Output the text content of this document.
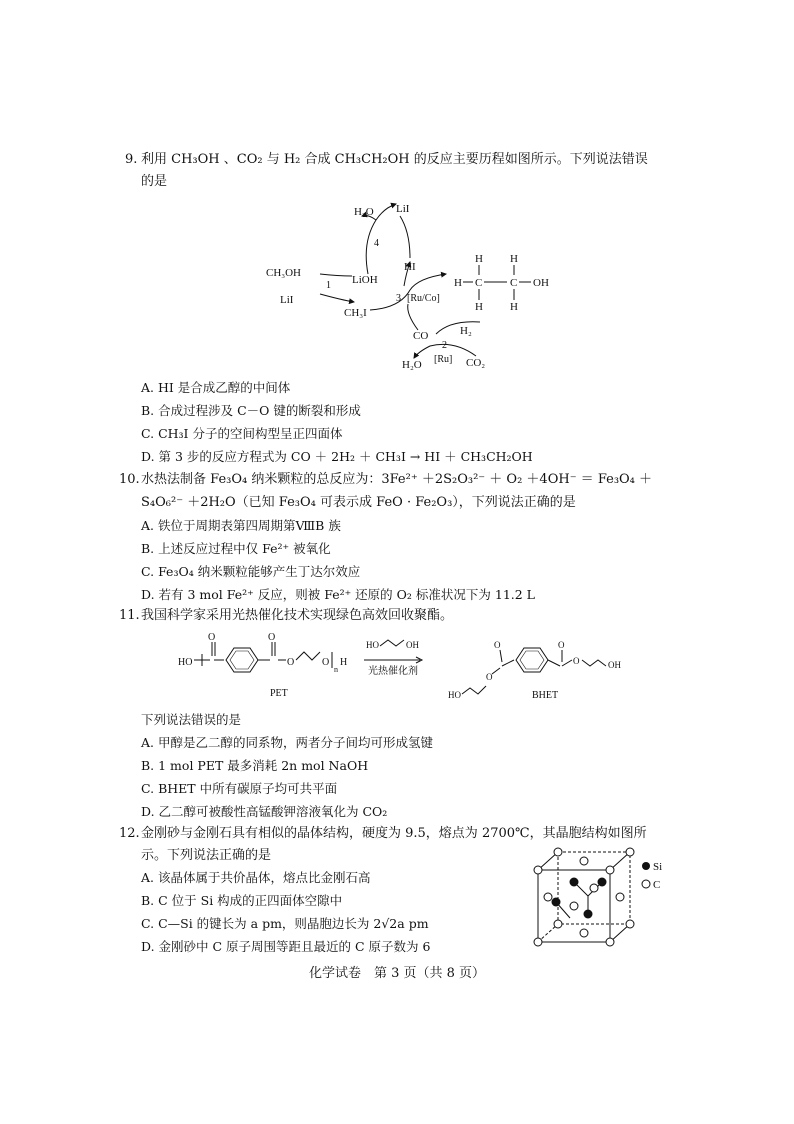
9. 利用 CH₃OH 、CO₂ 与 H₂ 合成 CH₃CH₂OH 的反应主要历程如图所示。下列说法错误
的是
H₂O LiI
4
CH₃OH
LiOH
HI
1
LiI
CH₃I
3 [Ru/Co]
CO	H₂
2
[Ru]
H₂O	CO₂
H H
H C	C OH
H H
A. HI 是合成乙醇的中间体
B. 合成过程涉及 C－O 键的断裂和形成
C. CH₃I 分子的空间构型呈正四面体
D. 第 3 步的反应方程式为 CO ＋ 2H₂ ＋ CH₃I → HI ＋ CH₃CH₂OH
10. 水热法制备 Fe₃O₄ 纳米颗粒的总反应为：3Fe²⁺ ＋2S₂O₃²⁻ ＋ O₂ ＋4OH⁻ ＝ Fe₃O₄ ＋
S₄O₆²⁻ ＋2H₂O（已知 Fe₃O₄ 可表示成 FeO · Fe₂O₃），下列说法正确的是
A. 铁位于周期表第四周期第ⅧB 族
B. 上述反应过程中仅 Fe²⁺ 被氧化
C. Fe₃O₄ 纳米颗粒能够产生丁达尔效应
D. 若有 3 mol Fe²⁺ 反应，则被 Fe²⁺ 还原的 O₂ 标准状况下为 11.2 L
11. 我国科学家采用光热催化技术实现绿色高效回收聚酯。
HO
O	O
O	O
n
H
PET
HO	OH
光热催化剂
HO
O
O	O
O	OH
BHET
下列说法错误的是
A. 甲醇是乙二醇的同系物，两者分子间均可形成氢键
B. 1 mol PET 最多消耗 2n mol NaOH
C. BHET 中所有碳原子均可共平面
D. 乙二醇可被酸性高锰酸钾溶液氧化为 CO₂
12. 金刚砂与金刚石具有相似的晶体结构，硬度为 9.5，熔点为 2700℃，其晶胞结构如图所
示。下列说法正确的是
A. 该晶体属于共价晶体，熔点比金刚石高
B. C 位于 Si 构成的正四面体空隙中
C. C—Si 的键长为 a pm，则晶胞边长为 2√2a pm
D. 金刚砂中 C 原子周围等距且最近的 C 原子数为 6
Si
C
化学试卷　第 3 页（共 8 页）
